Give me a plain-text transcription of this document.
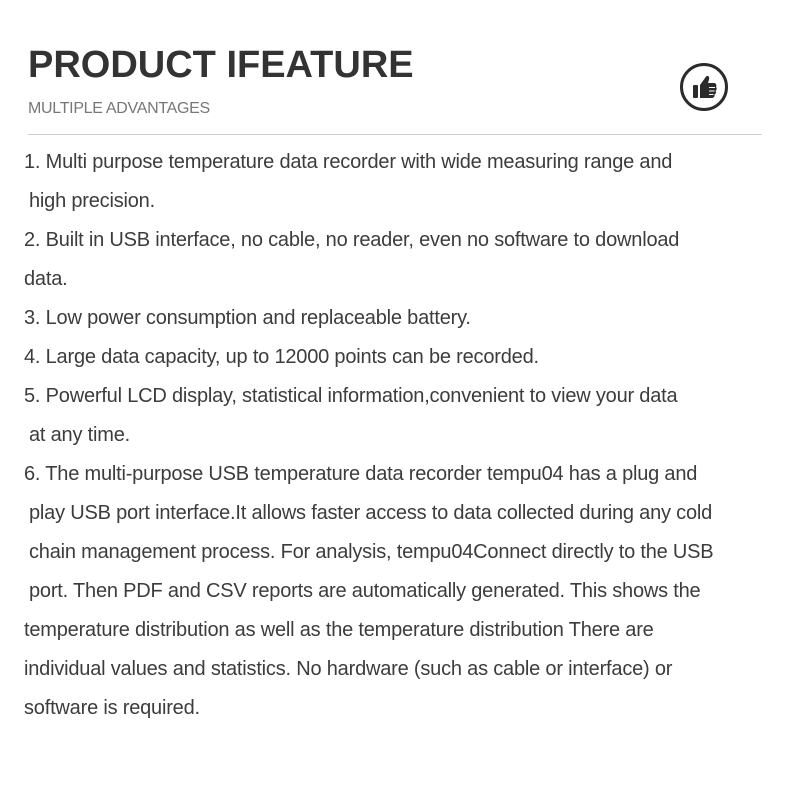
PRODUCT IFEATURE
MULTIPLE ADVANTAGES
1. Multi purpose temperature data recorder with wide measuring range and
high precision.
2. Built in USB interface, no cable, no reader, even no software to download
data.
3. Low power consumption and replaceable battery.
4. Large data capacity, up to 12000 points can be recorded.
5. Powerful LCD display, statistical information,convenient to view your data
at any time.
6. The multi-purpose USB temperature data recorder tempu04 has a plug and
play USB port interface.It allows faster access to data collected during any cold
chain management process. For analysis, tempu04Connect directly to the USB
port. Then PDF and CSV reports are automatically generated. This shows the
temperature distribution as well as the temperature distribution There are
individual values and statistics. No hardware (such as cable or interface) or
software is required.
